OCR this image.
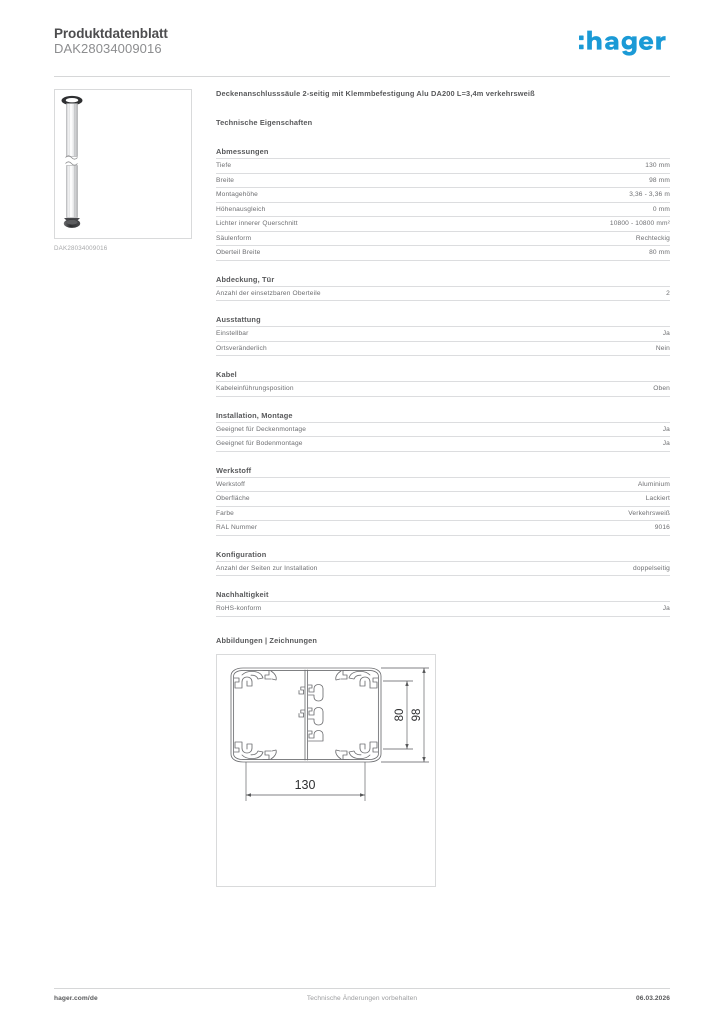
Produktdatenblatt
DAK28034009016
DAK28034009016
Deckenanschlusssäule 2-seitig mit Klemmbefestigung Alu DA200 L=3,4m verkehrsweiß
Technische Eigenschaften
Abmessungen
Tiefe	130 mm
Breite	98 mm
Montagehöhe	3,36 - 3,36 m
Höhenausgleich	0 mm
Lichter innerer Querschnitt	10800 - 10800 mm²
Säulenform	Rechteckig
Oberteil Breite	80 mm
Abdeckung, Tür
Anzahl der einsetzbaren Oberteile	2
Ausstattung
Einstellbar	Ja
Ortsveränderlich	Nein
Kabel
Kabeleinführungsposition	Oben
Installation, Montage
Geeignet für Deckenmontage	Ja
Geeignet für Bodenmontage	Ja
Werkstoff
Werkstoff	Aluminium
Oberfläche	Lackiert
Farbe	Verkehrsweiß
RAL Nummer	9016
Konfiguration
Anzahl der Seiten zur Installation	doppelseitig
Nachhaltigkeit
RoHS-konform	Ja
Abbildungen | Zeichnungen
80 98
130
hager.com/de	Technische Änderungen vorbehalten	06.03.2026
